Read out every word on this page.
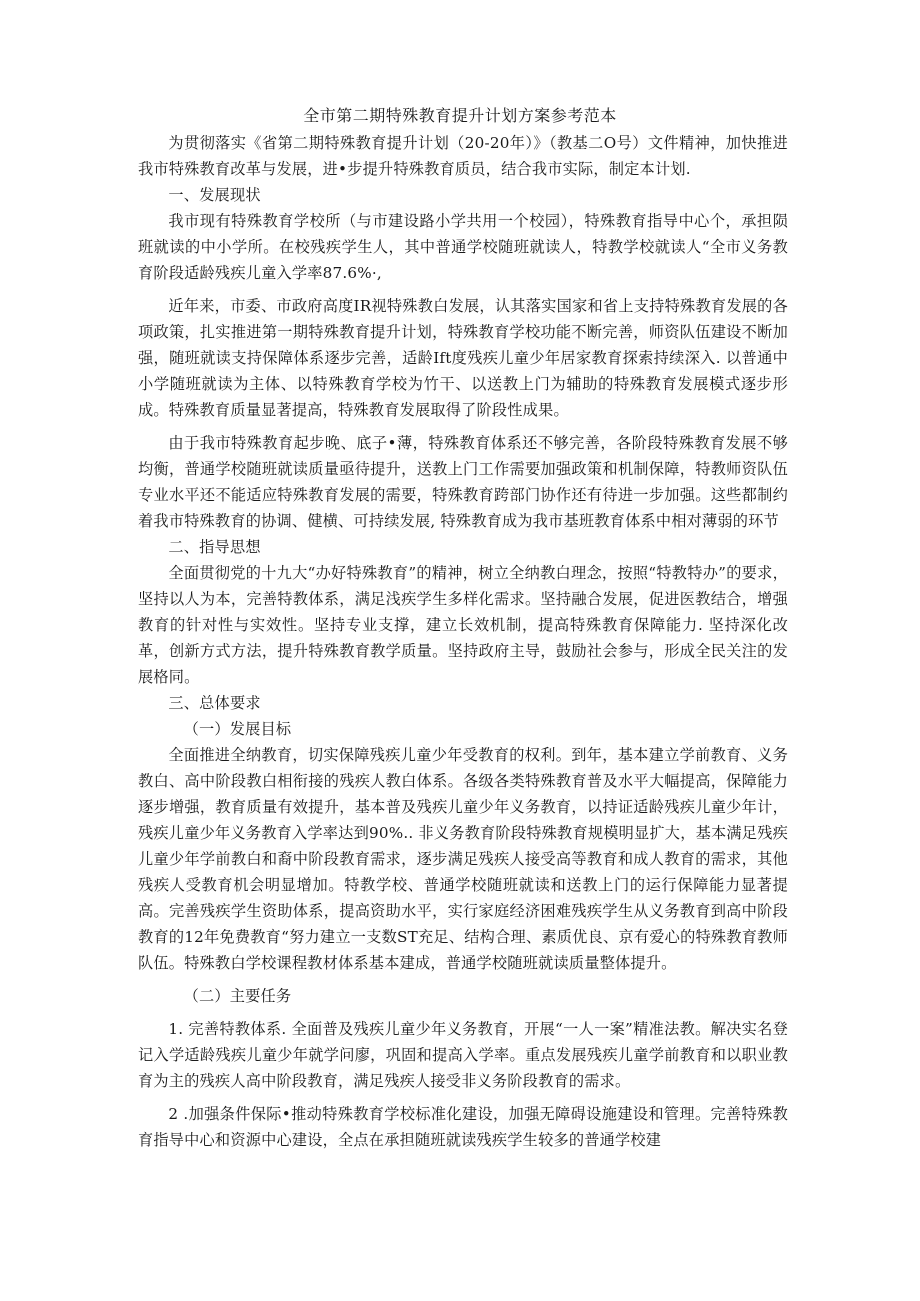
全市第二期特殊教育提升计划方案参考范本

为贯彻落实《省第二期特殊教育提升计划（20-20年）》（教基二O号）文件精神，加快推进我市特殊教育改革与发展，进•步提升特殊教育质员，结合我市实际，制定本计划.

一、发展现状

我市现有特殊教育学校所（与市建设路小学共用一个校园），特殊教育指导中心个，承担陨班就读的中小学所。在校残疾学生人，其中普通学校随班就读人，特教学校就读人“全市义务教育阶段适龄残疾儿童入学率87.6%·,

近年来，市委、市政府高度IR视特殊教白发展，认其落实国家和省上支持特殊教育发展的各项政策，扎实推进第一期特殊教育提升计划，特殊教育学校功能不断完善，师资队伍建设不断加强，随班就读支持保障体系逐步完善，适龄Ift度残疾儿童少年居家教育探索持续深入. 以普通中小学随班就读为主体、以特殊教育学校为竹干、以送教上门为辅助的特殊教育发展模式逐步形成。特殊教育质量显著提高，特殊教育发展取得了阶段性成果。

由于我市特殊教育起步晚、底子•薄，特殊教育体系还不够完善，各阶段特殊教育发展不够均衡，普通学校随班就读质量亟待提升，送教上门工作需要加强政策和机制保障，特教师资队伍专业水平还不能适应特殊教育发展的需要，特殊教育跨部门协作还有待进一步加强。这些都制约着我市特殊教育的协调、健横、可持续发展, 特殊教育成为我市基班教育体系中相对薄弱的环节

二、指导思想

全面贯彻党的十九大“办好特殊教育”的精神，树立全纳教白理念，按照“特教特办”的要求，坚持以人为本，完善特教体系，满足浅疾学生多样化需求。坚持融合发展，促进医教结合，增强教育的针对性与实效性。坚持专业支撑，建立长效机制，提高特殊教育保障能力. 坚持深化改革，创新方式方法，提升特殊教育教学质量。坚持政府主导，鼓励社会参与，形成全民关注的发展格同。

三、总体要求

（一）发展目标

全面推进全纳教育，切实保障残疾儿童少年受教育的权利。到年，基本建立学前教育、义务教白、高中阶段教白相衔接的残疾人教白体系。各级各类特殊教育普及水平大幅提高，保障能力逐步增强，教育质量有效提升，基本普及残疾儿童少年义务教育，以持证适龄残疾儿童少年计，残疾儿童少年义务教育入学率达到90%.. 非义务教育阶段特殊教育规模明显扩大，基本满足残疾儿童少年学前教白和裔中阶段教育需求，逐步满足残疾人接受高等教育和成人教育的需求，其他残疾人受教育机会明显增加。特教学校、普通学校随班就读和送教上门的运行保障能力显著提高。完善残疾学生资助体系，提高资助水平，实行家庭经济困难残疾学生从义务教育到高中阶段教育的12年免费教育“努力建立一支数ST充足、结构合理、素质优良、京有爱心的特殊教育教师队伍。特殊教白学校课程教材体系基本建成，普通学校随班就读质量整体提升。

（二）主要任务

1. 完善特教体系. 全面普及残疾儿童少年义务教育，开展“一人一案”精准法教。解决实名登记入学适龄残疾儿童少年就学问廖，巩固和提高入学率。重点发展残疾儿童学前教育和以职业教育为主的残疾人高中阶段教育，满足残疾人接受非义务阶段教育的需求。

2 .加强条件保际•推动特殊教育学校标准化建设，加强无障碍设施建设和管理。完善特殊教育指导中心和资源中心建设，全点在承担随班就读残疾学生较多的普通学校建
